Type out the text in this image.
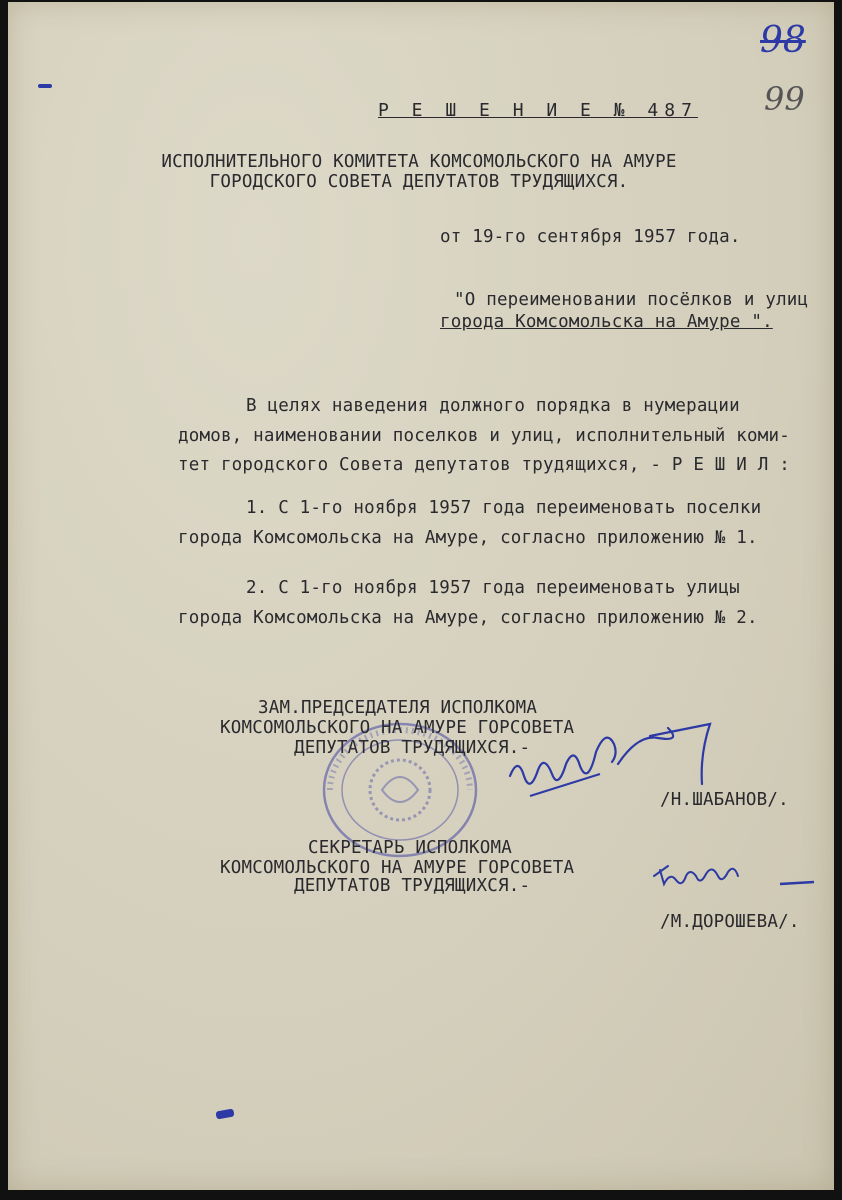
98
99
Р Е Ш Е Н И Е № 487
ИСПОЛНИТЕЛЬНОГО КОМИТЕТА КОМСОМОЛЬСКОГО НА АМУРЕ
ГОРОДСКОГО СОВЕТА ДЕПУТАТОВ ТРУДЯЩИХСЯ.
от 19-го сентября 1957 года.
"О переименовании посёлков и улиц
города Комсомольска на Амуре ".
В целях наведения должного порядка в нумерации
домов, наименовании поселков и улиц, исполнительный коми-
тет городского Совета депутатов трудящихся, - Р Е Ш И Л :
1. С 1-го ноября 1957 года переименовать поселки
города Комсомольска на Амуре, согласно приложению № 1.
2. С 1-го ноября 1957 года переименовать улицы
города Комсомольска на Амуре, согласно приложению № 2.
ЗАМ.ПРЕДСЕДАТЕЛЯ ИСПОЛКОМА
КОМСОМОЛЬСКОГО НА АМУРЕ ГОРСОВЕТА
ДЕПУТАТОВ ТРУДЯЩИХСЯ.-
/Н.ШАБАНОВ/.
СЕКРЕТАРЬ ИСПОЛКОМА
КОМСОМОЛЬСКОГО НА АМУРЕ ГОРСОВЕТА
ДЕПУТАТОВ ТРУДЯЩИХСЯ.-
/М.ДОРОШЕВА/.
